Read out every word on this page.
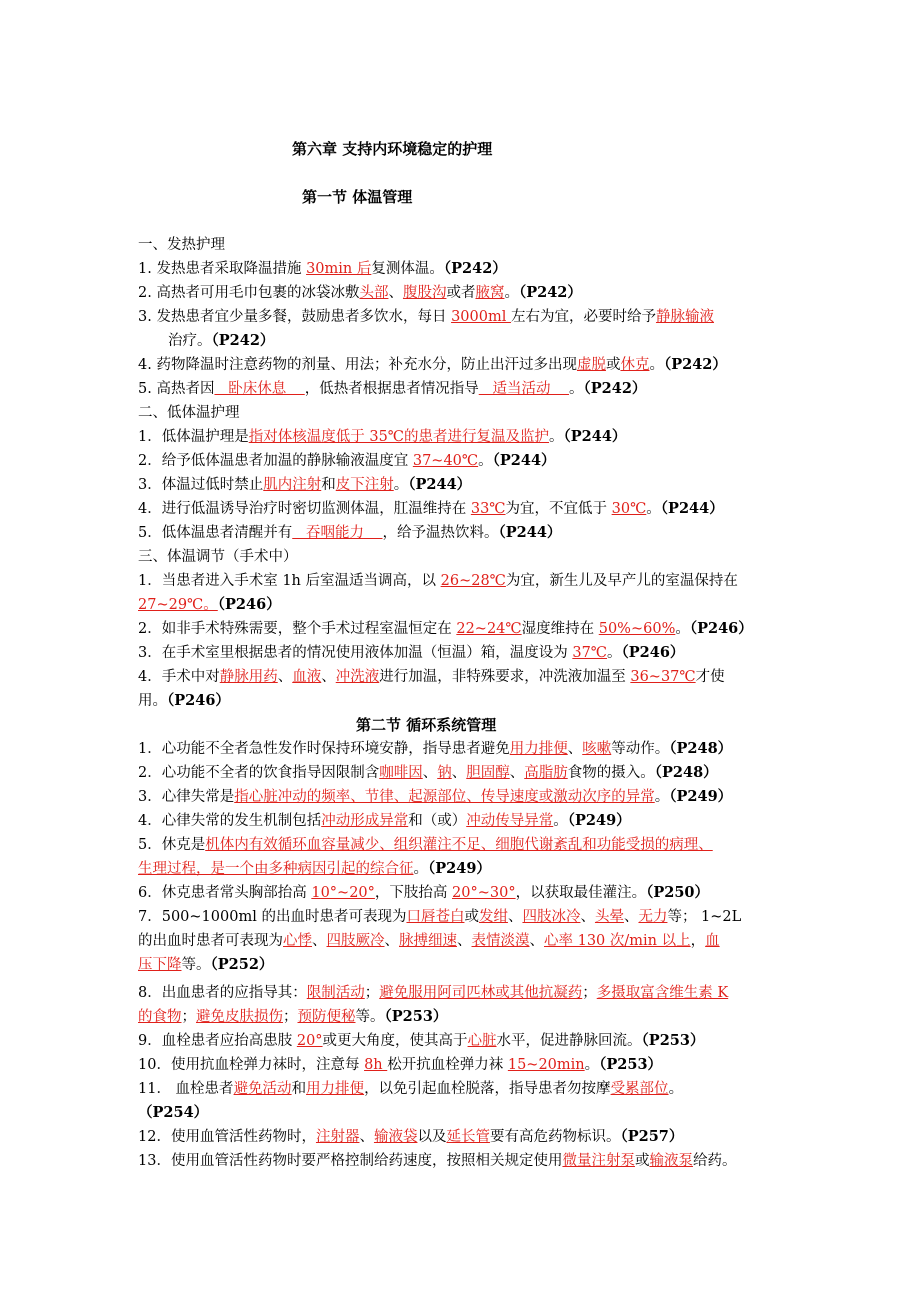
第六章 支持内环境稳定的护理
第一节 体温管理
一、发热护理
1. 发热患者采取降温措施 30min 后复测体温。（P242）
2. 高热者可用毛巾包裹的冰袋冰敷头部、腹股沟或者腋窝。（P242）
3. 发热患者宜少量多餐，鼓励患者多饮水，每日 3000ml 左右为宜，必要时给予静脉输液
治疗。（P242）
4. 药物降温时注意药物的剂量、用法；补充水分，防止出汗过多出现虚脱或休克。（P242）
5. 高热者因   卧床休息    ，低热者根据患者情况指导   适当活动    。（P242）
二、低体温护理
1．低体温护理是指对体核温度低于 35℃的患者进行复温及监护。（P244）
2．给予低体温患者加温的静脉输液温度宜 37~40℃。（P244）
3．体温过低时禁止肌内注射和皮下注射。（P244）
4．进行低温诱导治疗时密切监测体温，肛温维持在 33℃为宜，不宜低于 30℃。（P244）
5．低体温患者清醒并有   吞咽能力    ，给予温热饮料。（P244）
三、体温调节（手术中）
1．当患者进入手术室 1h 后室温适当调高，以 26~28℃为宜，新生儿及早产儿的室温保持在
27~29℃。（P246）
2．如非手术特殊需要，整个手术过程室温恒定在 22~24℃湿度维持在 50%~60%。（P246）
3．在手术室里根据患者的情况使用液体加温（恒温）箱，温度设为 37℃。（P246）
4．手术中对静脉用药、血液、冲洗液进行加温，非特殊要求，冲洗液加温至 36~37℃才使
用。（P246）
第二节 循环系统管理
1．心功能不全者急性发作时保持环境安静，指导患者避免用力排便、咳嗽等动作。（P248）
2．心功能不全者的饮食指导因限制含咖啡因、钠、胆固醇、高脂肪食物的摄入。（P248）
3．心律失常是指心脏冲动的频率、节律、起源部位、传导速度或激动次序的异常。（P249）
4．心律失常的发生机制包括冲动形成异常和（或）冲动传导异常。（P249）
5．休克是机体内有效循环血容量减少、组织灌注不足、细胞代谢紊乱和功能受损的病理、
生理过程，是一个由多种病因引起的综合征。（P249）
6．休克患者常头胸部抬高 10°~20°，下肢抬高 20°~30°，以获取最佳灌注。（P250）
7．500~1000ml 的出血时患者可表现为口唇苍白或发绀、四肢冰冷、头晕、无力等； 1~2L
的出血时患者可表现为心悸、四肢厥冷、脉搏细速、表情淡漠、心率 130 次/min 以上，血
压下降等。（P252）
8．出血患者的应指导其：限制活动；避免服用阿司匹林或其他抗凝药；多摄取富含维生素 K
的食物；避免皮肤损伤；预防便秘等。（P253）
9．血栓患者应抬高患肢 20°或更大角度，使其高于心脏水平，促进静脉回流。（P253）
10．使用抗血栓弹力袜时，注意每 8h 松开抗血栓弹力袜 15~20min。（P253）
11． 血栓患者避免活动和用力排便，以免引起血栓脱落，指导患者勿按摩受累部位。
（P254）
12．使用血管活性药物时，注射器、输液袋以及延长管要有高危药物标识。（P257）
13．使用血管活性药物时要严格控制给药速度，按照相关规定使用微量注射泵或输液泵给药。
